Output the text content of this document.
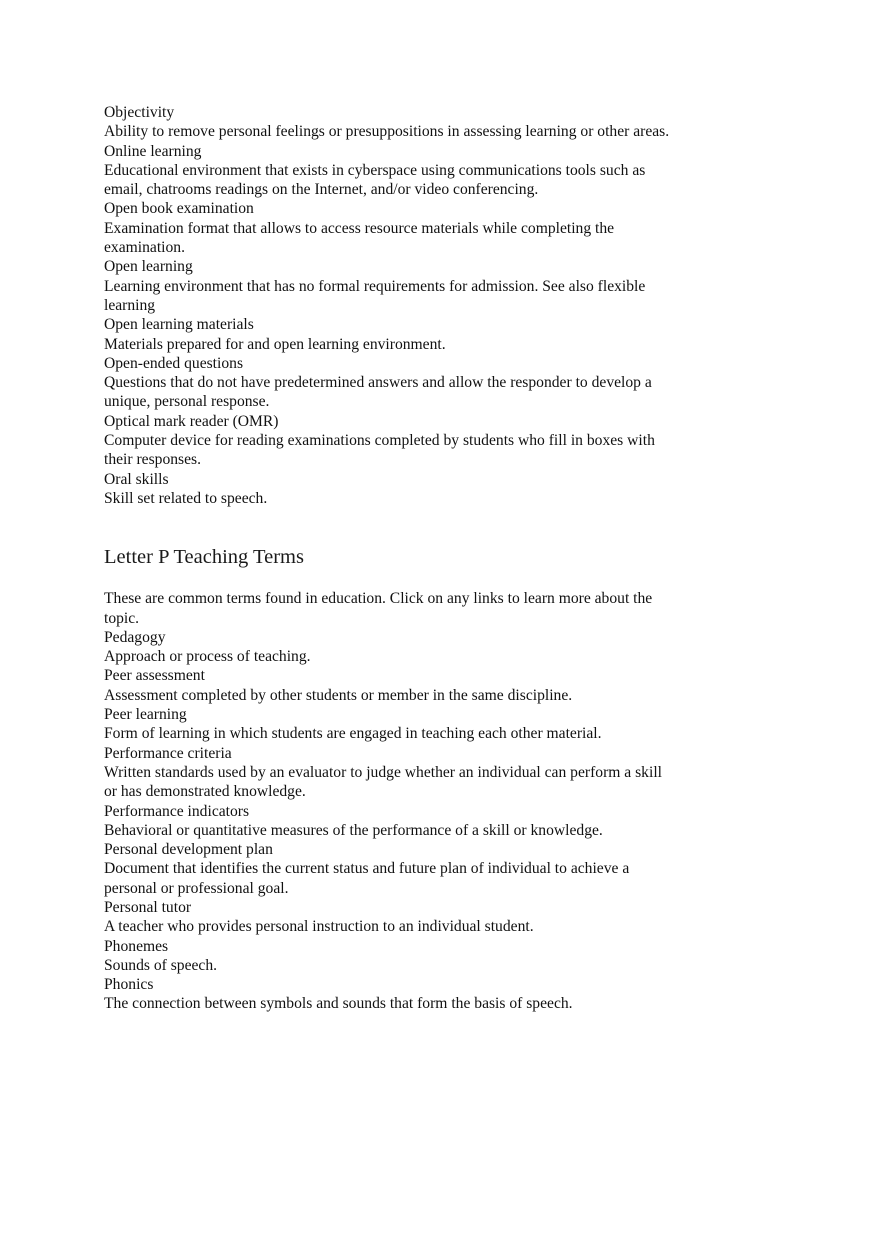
Objectivity
Ability to remove personal feelings or presuppositions in assessing learning or other areas.
Online learning
Educational environment that exists in cyberspace using communications tools such as
email, chatrooms readings on the Internet, and/or video conferencing.
Open book examination
Examination format that allows to access resource materials while completing the
examination.
Open learning
Learning environment that has no formal requirements for admission. See also flexible
learning
Open learning materials
Materials prepared for and open learning environment.
Open-ended questions
Questions that do not have predetermined answers and allow the responder to develop a
unique, personal response.
Optical mark reader (OMR)
Computer device for reading examinations completed by students who fill in boxes with
their responses.
Oral skills
Skill set related to speech.
Letter P Teaching Terms
These are common terms found in education. Click on any links to learn more about the
topic.
Pedagogy
Approach or process of teaching.
Peer assessment
Assessment completed by other students or member in the same discipline.
Peer learning
Form of learning in which students are engaged in teaching each other material.
Performance criteria
Written standards used by an evaluator to judge whether an individual can perform a skill
or has demonstrated knowledge.
Performance indicators
Behavioral or quantitative measures of the performance of a skill or knowledge.
Personal development plan
Document that identifies the current status and future plan of individual to achieve a
personal or professional goal.
Personal tutor
A teacher who provides personal instruction to an individual student.
Phonemes
Sounds of speech.
Phonics
The connection between symbols and sounds that form the basis of speech.
